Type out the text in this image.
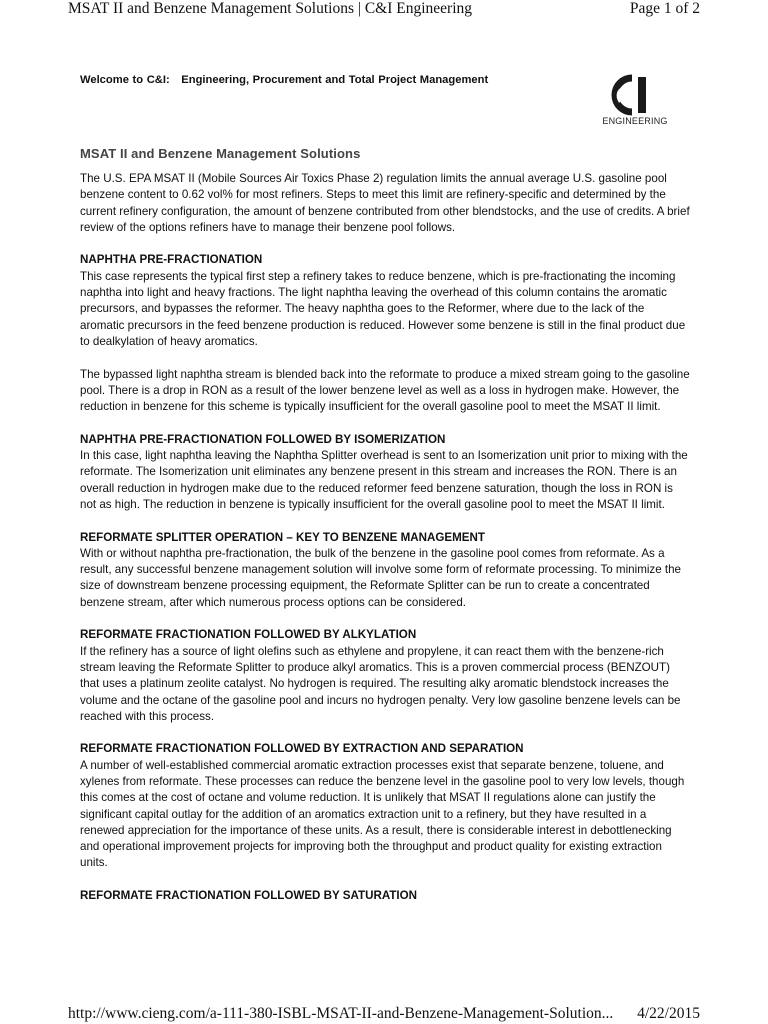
MSAT II and Benzene Management Solutions | C&I Engineering	Page 1 of 2
Welcome to C&I: Engineering, Procurement and Total Project Management
ENGINEERING
MSAT II and Benzene Management Solutions

The U.S. EPA MSAT II (Mobile Sources Air Toxics Phase 2) regulation limits the annual average U.S. gasoline pool benzene content to 0.62 vol% for most refiners. Steps to meet this limit are refinery-specific and determined by the current refinery configuration, the amount of benzene contributed from other blendstocks, and the use of credits. A brief review of the options refiners have to manage their benzene pool follows.

NAPHTHA PRE-FRACTIONATION

This case represents the typical first step a refinery takes to reduce benzene, which is pre-fractionating the incoming naphtha into light and heavy fractions. The light naphtha leaving the overhead of this column contains the aromatic precursors, and bypasses the reformer. The heavy naphtha goes to the Reformer, where due to the lack of the aromatic precursors in the feed benzene production is reduced. However some benzene is still in the final product due to dealkylation of heavy aromatics.

The bypassed light naphtha stream is blended back into the reformate to produce a mixed stream going to the gasoline pool. There is a drop in RON as a result of the lower benzene level as well as a loss in hydrogen make. However, the reduction in benzene for this scheme is typically insufficient for the overall gasoline pool to meet the MSAT II limit.

NAPHTHA PRE-FRACTIONATION FOLLOWED BY ISOMERIZATION

In this case, light naphtha leaving the Naphtha Splitter overhead is sent to an Isomerization unit prior to mixing with the reformate. The Isomerization unit eliminates any benzene present in this stream and increases the RON. There is an overall reduction in hydrogen make due to the reduced reformer feed benzene saturation, though the loss in RON is not as high. The reduction in benzene is typically insufficient for the overall gasoline pool to meet the MSAT II limit.

REFORMATE SPLITTER OPERATION – KEY TO BENZENE MANAGEMENT

With or without naphtha pre-fractionation, the bulk of the benzene in the gasoline pool comes from reformate. As a result, any successful benzene management solution will involve some form of reformate processing. To minimize the size of downstream benzene processing equipment, the Reformate Splitter can be run to create a concentrated benzene stream, after which numerous process options can be considered.

REFORMATE FRACTIONATION FOLLOWED BY ALKYLATION

If the refinery has a source of light olefins such as ethylene and propylene, it can react them with the benzene-rich stream leaving the Reformate Splitter to produce alkyl aromatics. This is a proven commercial process (BENZOUT) that uses a platinum zeolite catalyst. No hydrogen is required. The resulting alky aromatic blendstock increases the volume and the octane of the gasoline pool and incurs no hydrogen penalty. Very low gasoline benzene levels can be reached with this process.

REFORMATE FRACTIONATION FOLLOWED BY EXTRACTION AND SEPARATION

A number of well-established commercial aromatic extraction processes exist that separate benzene, toluene, and xylenes from reformate. These processes can reduce the benzene level in the gasoline pool to very low levels, though this comes at the cost of octane and volume reduction. It is unlikely that MSAT II regulations alone can justify the significant capital outlay for the addition of an aromatics extraction unit to a refinery, but they have resulted in a renewed appreciation for the importance of these units. As a result, there is considerable interest in debottlenecking and operational improvement projects for improving both the throughput and product quality for existing extraction units.

REFORMATE FRACTIONATION FOLLOWED BY SATURATION

http://www.cieng.com/a-111-380-ISBL-MSAT-II-and-Benzene-Management-Solution... 4/22/2015
